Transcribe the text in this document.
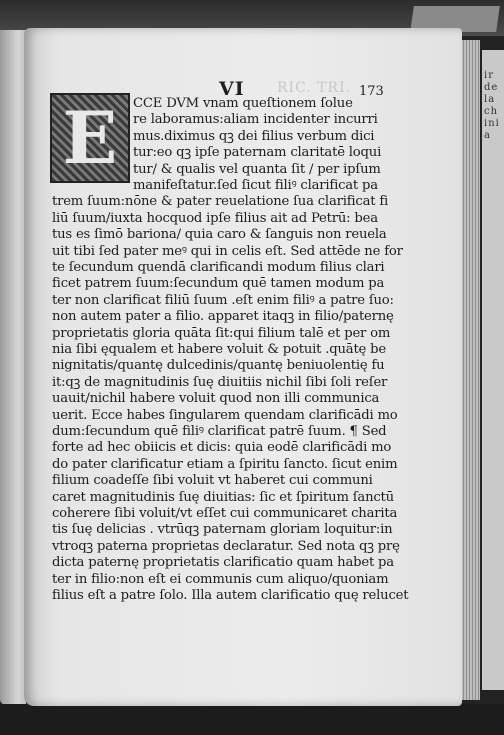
ir de la chinia
VI RIC. TRI. 173
E	CCE DVM vnam queſtionem ſolue
re laboramus:aliam incidenter incurri
mus.diximus qꝫ dei filius verbum dici
tur:eo qꝫ ipſe paternam claritatē loqui
tur/ & qualis vel quanta ſit / per ipſum
manifeſtatur.ſed ſicut filiꝰ clarificat pa
trem ſuum:nōne & pater reuelatione ſua clarificat fi
liū ſuum/iuxta hocquod ipſe filius ait ad Petrū: bea
tus es ſimō bariona/ quia caro & ſanguis non reuela
uit tibi ſed pater meꝰ qui in celis eſt. Sed attēde ne for
te ſecundum quendā clarificandi modum filius clari
ficet patrem ſuum:ſecundum quē tamen modum pa
ter non clarificat filiū ſuum .eſt enim filiꝰ a patre ſuo:
non autem pater a filio. apparet itaqꝫ in filio/paternę
proprietatis gloria quāta ſit:qui filium talē et per om
nia ſibi ęqualem et habere voluit & potuit .quātę be
nignitatis/quantę dulcedinis/quantę beniuolentię fu
it:qꝫ de magnitudinis ſuę diuitiis nichil ſibi ſoli reſer
uauit/nichil habere voluit quod non illi communica
uerit. Ecce habes ſingularem quendam clarificādi mo
dum:ſecundum quē filiꝰ clarificat patrē ſuum. ¶ Sed
forte ad hec obiicis et dicis: quia eodē clarificādi mo
do pater clarificatur etiam a ſpiritu ſancto. ſicut enim
filium coadeſſe ſibi voluit vt haberet cui communi
caret magnitudinis ſuę diuitias: ſic et ſpiritum ſanctū
coherere ſibi voluit/vt eſſet cui communicaret charita
tis ſuę delicias . vtrūqꝫ paternam gloriam loquitur:in
vtroqꝫ paterna proprietas declaratur. Sed nota qꝫ prę
dicta paternę proprietatis clarificatio quam habet pa
ter in filio:non eſt ei communis cum aliquo/quoniam
filius eſt a patre ſolo. Illa autem clarificatio quę relucet
